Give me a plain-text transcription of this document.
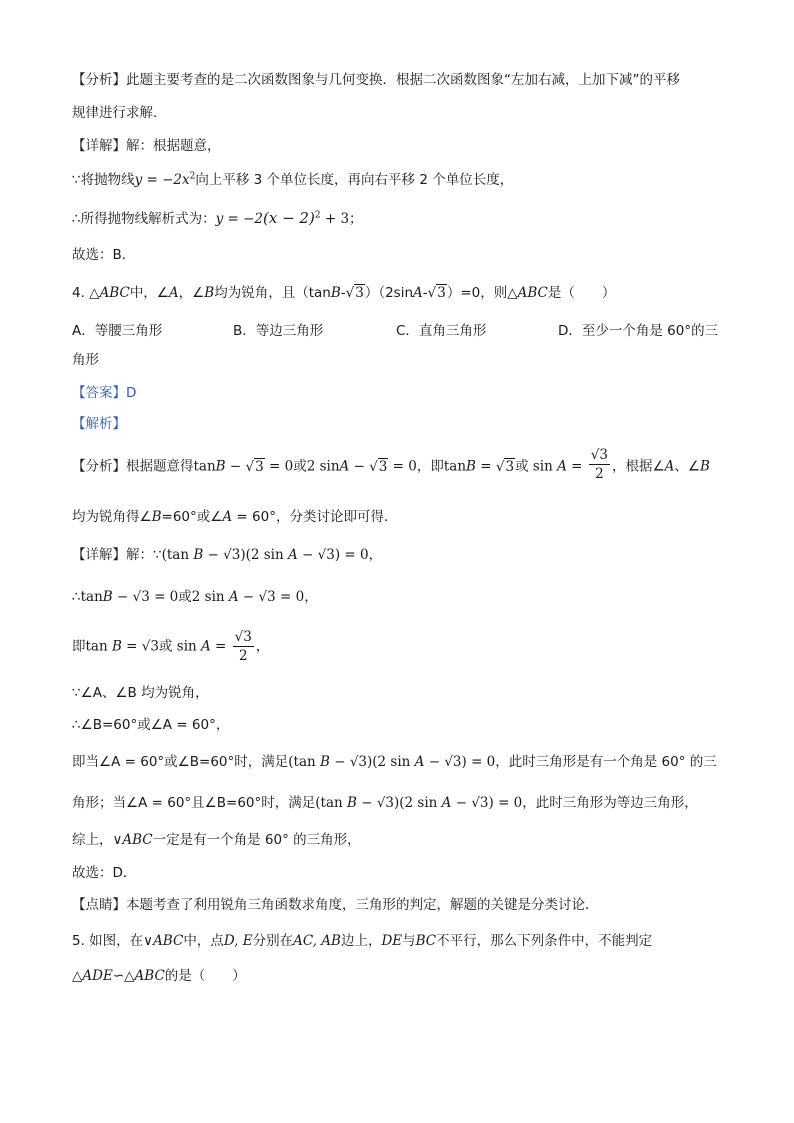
【分析】此题主要考查的是二次函数图象与几何变换．根据二次函数图象“左加右减，上加下减”的平移
规律进行求解．
【详解】解：根据题意，
∵将抛物线$y = -2x^2$向上平移 3 个单位长度，再向右平移 2 个单位长度，
∴所得抛物线解析式为：$y = -2(x - 2)^2 + 3$；
故选：B．
4. △ABC中，∠A，∠B均为锐角，且（tanB-√3）（2sinA-√3）=0，则△ABC是（　　）
A．等腰三角形	B．等边三角形	C．直角三角形	D．至少一个角是 60°的三
角形
【答案】D
【解析】
【分析】根据题意得tanB − √3 = 0或2 sinA − √3 = 0，即tanB = √3或 $\sin A = \frac{√3}{2}$ ，根据∠A、∠B
均为锐角得∠B=60°或∠A = 60°，分类讨论即可得．
【详解】解：∵(tan B − √3)(2 sin A − √3) = 0，
∴tanB − √3 = 0或2 sin A − √3 = 0，
即tan B = √3或 $\sin A = \frac{√3}{2}$ ，
∵∠A、∠B 均为锐角，
∴∠B=60°或∠A = 60°，
即当∠A = 60°或∠B=60°时，满足(tan B − √3)(2 sin A − √3) = 0，此时三角形是有一个角是 60° 的三
角形；当∠A = 60°且∠B=60°时，满足(tan B − √3)(2 sin A − √3) = 0，此时三角形为等边三角形，
综上，∨ABC一定是有一个角是 60° 的三角形，
故选：D．
【点睛】本题考查了利用锐角三角函数求角度，三角形的判定，解题的关键是分类讨论．
5. 如图，在∨ABC中，点D, E分别在AC, AB边上，DE与BC不平行，那么下列条件中，不能判定
△ADE∽△ABC的是（　　）
